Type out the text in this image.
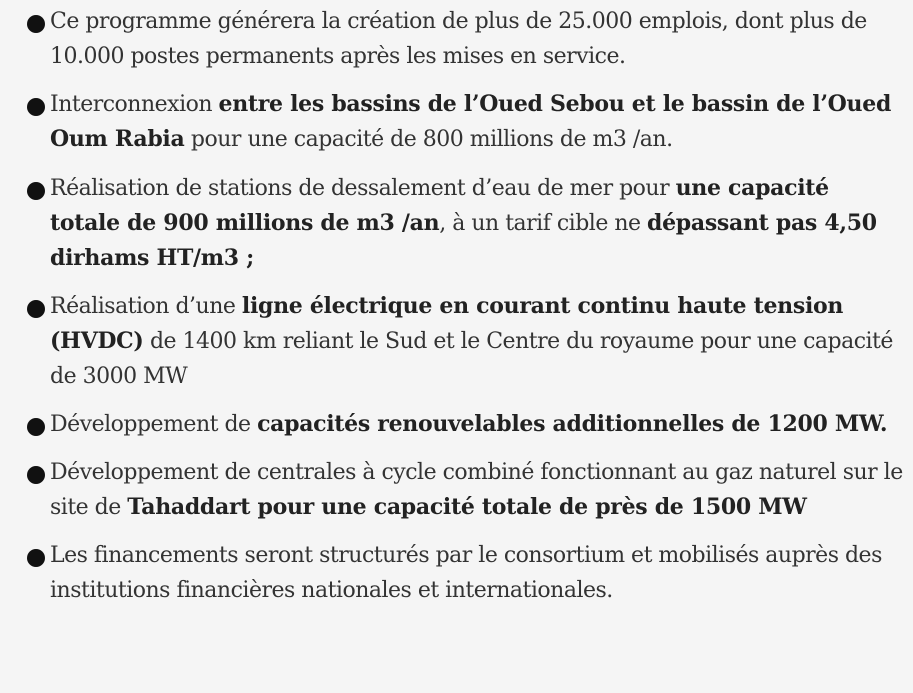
Ce programme générera la création de plus de 25.000 emplois, dont plus de 10.000 postes permanents après les mises en service.
Interconnexion entre les bassins de l’Oued Sebou et le bassin de l’Oued Oum Rabia pour une capacité de 800 millions de m3 /an.
Réalisation de stations de dessalement d’eau de mer pour une capacité totale de 900 millions de m3 /an, à un tarif cible ne dépassant pas 4,50 dirhams HT/m3 ;
Réalisation d’une ligne électrique en courant continu haute tension (HVDC) de 1400 km reliant le Sud et le Centre du royaume pour une capacité de 3000 MW
Développement de capacités renouvelables additionnelles de 1200 MW.
Développement de centrales à cycle combiné fonctionnant au gaz naturel sur le site de Tahaddart pour une capacité totale de près de 1500 MW
Les financements seront structurés par le consortium et mobilisés auprès des institutions financières nationales et internationales.
